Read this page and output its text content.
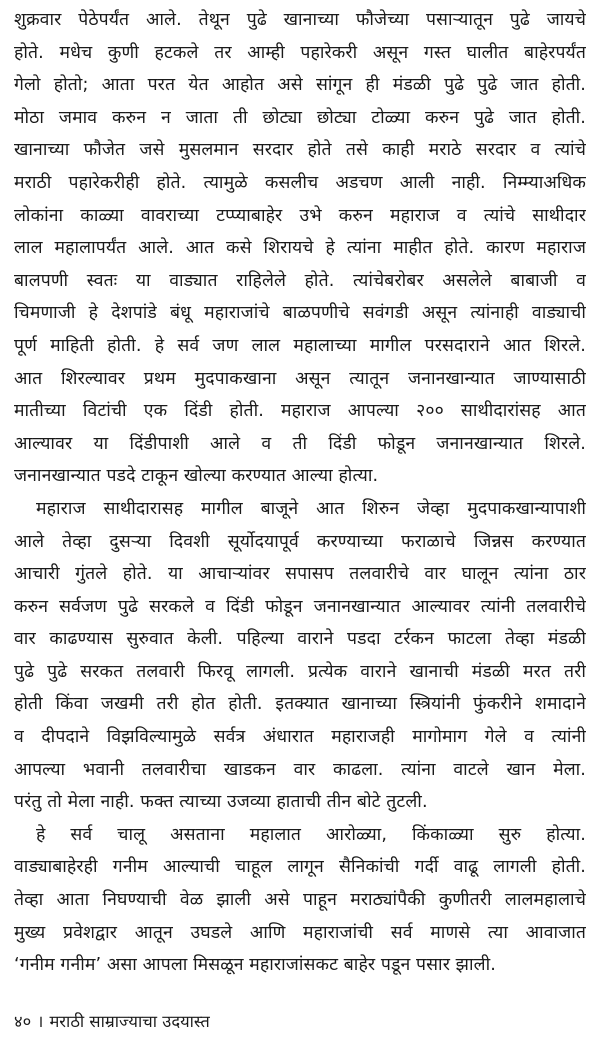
शुक्रवार पेठेपर्यंत आले. तेथून पुढे खानाच्या फौजेच्या पसाऱ्यातून पुढे जायचे
होते. मधेच कुणी हटकले तर आम्ही पहारेकरी असून गस्त घालीत बाहेरपर्यंत
गेलो होतो; आता परत येत आहोत असे सांगून ही मंडळी पुढे पुढे जात होती.
मोठा जमाव करुन न जाता ती छोट्या छोट्या टोळ्या करुन पुढे जात होती.
खानाच्या फौजेत जसे मुसलमान सरदार होते तसे काही मराठे सरदार व त्यांचे
मराठी पहारेकरीही होते. त्यामुळे कसलीच अडचण आली नाही. निम्म्याअधिक
लोकांना काळ्या वावराच्या टप्प्याबाहेर उभे करुन महाराज व त्यांचे साथीदार
लाल महालापर्यंत आले. आत कसे शिरायचे हे त्यांना माहीत होते. कारण महाराज
बालपणी स्वतः या वाड्यात राहिलेले होते. त्यांचेबरोबर असलेले बाबाजी व
चिमणाजी हे देशपांडे बंधू महाराजांचे बाळपणीचे सवंगडी असून त्यांनाही वाड्याची
पूर्ण माहिती होती. हे सर्व जण लाल महालाच्या मागील परसदाराने आत शिरले.
आत शिरल्यावर प्रथम मुदपाकखाना असून त्यातून जनानखान्यात जाण्यासाठी
मातीच्या विटांची एक दिंडी होती. महाराज आपल्या २०० साथीदारांसह आत
आल्यावर या दिंडीपाशी आले व ती दिंडी फोडून जनानखान्यात शिरले.
जनानखान्यात पडदे टाकून खोल्या करण्यात आल्या होत्या.
महाराज साथीदारासह मागील बाजूने आत शिरुन जेव्हा मुदपाकखान्यापाशी
आले तेव्हा दुसऱ्या दिवशी सूर्योदयापूर्व करण्याच्या फराळाचे जिन्नस करण्यात
आचारी गुंतले होते. या आचाऱ्यांवर सपासप तलवारीचे वार घालून त्यांना ठार
करुन सर्वजण पुढे सरकले व दिंडी फोडून जनानखान्यात आल्यावर त्यांनी तलवारीचे
वार काढण्यास सुरुवात केली. पहिल्या वाराने पडदा टर्रकन फाटला तेव्हा मंडळी
पुढे पुढे सरकत तलवारी फिरवू लागली. प्रत्येक वाराने खानाची मंडळी मरत तरी
होती किंवा जखमी तरी होत होती. इतक्यात खानाच्या स्त्रियांनी फुंकरीने शमादाने
व दीपदाने विझविल्यामुळे सर्वत्र अंधारात महाराजही मागोमाग गेले व त्यांनी
आपल्या भवानी तलवारीचा खाडकन वार काढला. त्यांना वाटले खान मेला.
परंतु तो मेला नाही. फक्त त्याच्या उजव्या हाताची तीन बोटे तुटली.
हे सर्व चालू असताना महालात आरोळ्या, किंकाळ्या सुरु होत्या.
वाड्याबाहेरही गनीम आल्याची चाहूल लागून सैनिकांची गर्दी वाढू लागली होती.
तेव्हा आता निघण्याची वेळ झाली असे पाहून मराठ्यांपैकी कुणीतरी लालमहालाचे
मुख्य प्रवेशद्वार आतून उघडले आणि महाराजांची सर्व माणसे त्या आवाजात
‘गनीम गनीम’ असा आपला मिसळून महाराजांसकट बाहेर पडून पसार झाली.
४० । मराठी साम्राज्याचा उदयास्त
